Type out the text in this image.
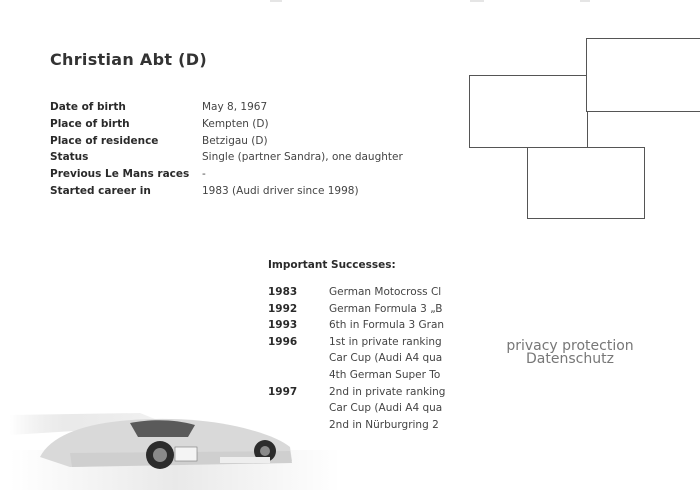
Christian Abt (D)
Date of birth	May 8, 1967
Place of birth	Kempten (D)
Place of residence	Betzigau (D)
Status	Single (partner Sandra), one daughter
Previous Le Mans races -
Started career in	1983 (Audi driver since 1998)
Important Successes:
1983	German Motocross Cl
1992	German Formula 3 „B
1993	6th in Formula 3 Gran
1996	1st in private ranking
Car Cup (Audi A4 qua
4th German Super To
1997	2nd in private ranking
Car Cup (Audi A4 qua
2nd in Nürburgring 2
privacy protection
Datenschutz
